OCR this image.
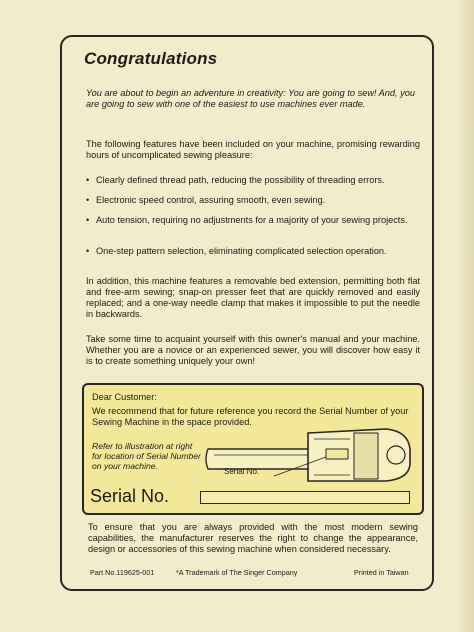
Congratulations

You are about to begin an adventure in creativity: You are going to sew! And, you are going to sew with one of the easiest to use machines ever made.

The following features have been included on your machine, promising rewarding hours of uncomplicated sewing pleasure:

• Clearly defined thread path, reducing the possibility of threading errors.
• Electronic speed control, assuring smooth, even sewing.
• Auto tension, requiring no adjustments for a majority of your sewing projects.
• One-step pattern selection, eliminating complicated selection operation.

In addition, this machine features a removable bed extension, permitting both flat and free-arm sewing; snap-on presser feet that are quickly removed and easily replaced; and a one-way needle clamp that makes it impossible to put the needle in backwards.

Take some time to acquaint yourself with this owner's manual and your machine. Whether you are a novice or an experienced sewer, you will discover how easy it is to create something uniquely your own!

Dear Customer:

We recommend that for future reference you record the Serial Number of your Sewing Machine in the space provided.

Refer to illustration at right for location of Serial Number on your machine.

Serial No.

Serial No.

To ensure that you are always provided with the most modern sewing capabilities, the manufacturer reserves the right to change the appearance, design or accessories of this sewing machine when considered necessary.

Part No.119625-001	*A Trademark of The Singer Company	Printed in Taiwan
